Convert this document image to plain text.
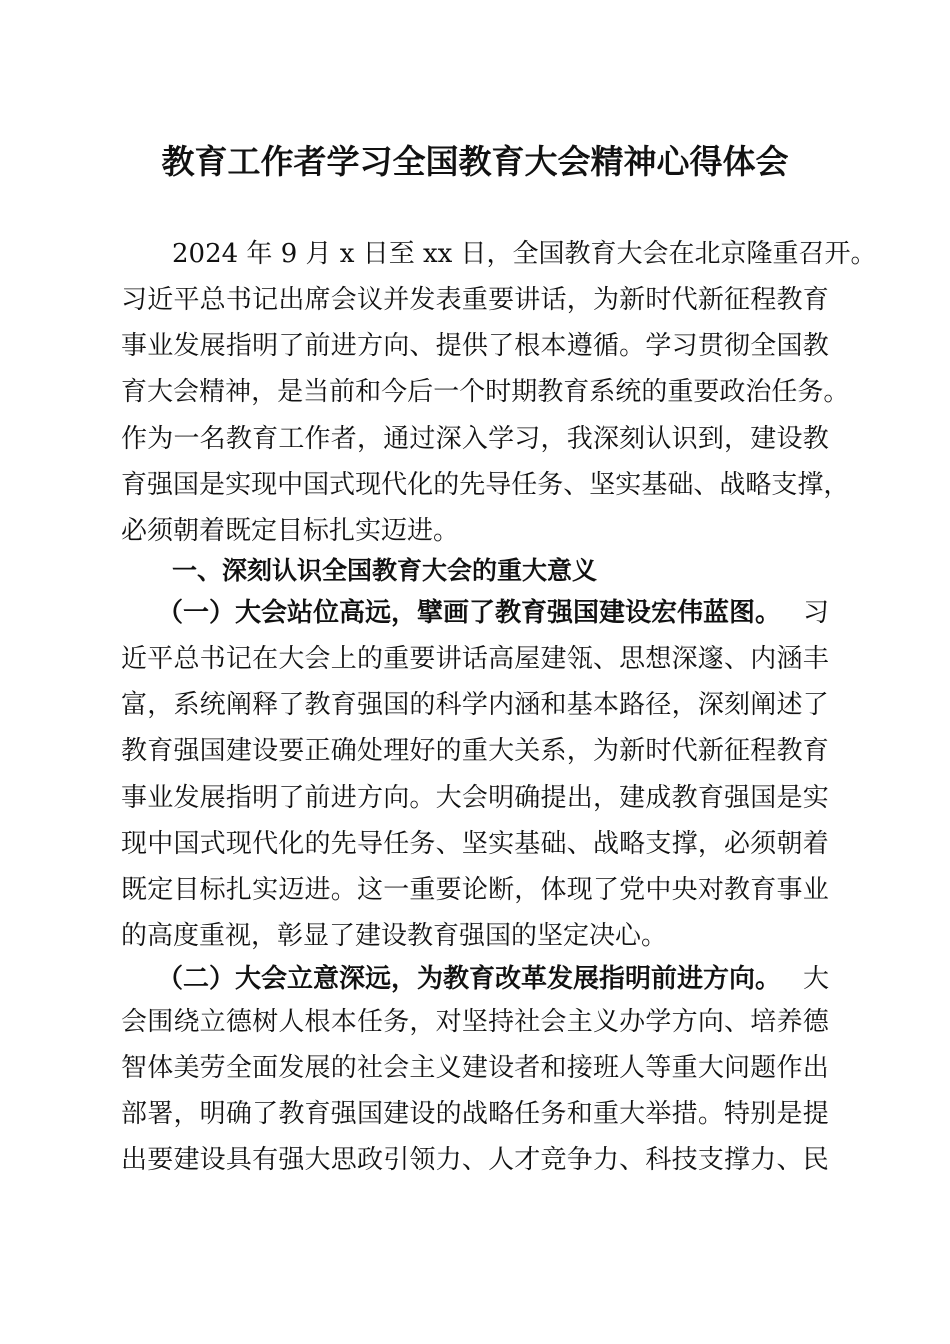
教育工作者学习全国教育大会精神心得体会
2024 年 9 月 x 日至 xx 日，全国教育大会在北京隆重召开。
习 近 平 总 书 记 出 席 会 议 并 发 表 重 要 讲 话 ， 为 新 时 代 新 征 程 教 育
事 业 发 展 指 明 了 前 进 方 向 、 提 供 了 根 本 遵 循 。 学 习 贯 彻 全 国 教
育 大 会 精 神 ， 是 当 前 和 今 后 一 个 时 期 教 育 系 统 的 重 要 政 治 任 务 。
作 为 一 名 教 育 工 作 者 ， 通 过 深 入 学 习 ， 我 深 刻 认 识 到 ， 建 设 教
育 强 国 是 实 现 中 国 式 现 代 化 的 先 导 任 务 、 坚 实 基 础 、 战 略 支 撑 ，
必须朝着既定目标扎实迈进。
一、深刻认识全国教育大会的重大意义
（一）大会站位高远，擘画了教育强国建设宏伟蓝图。 习
近 平 总 书 记 在 大 会 上 的 重 要 讲 话 高 屋 建 瓴 、 思 想 深 邃 、 内 涵 丰
富 ， 系 统 阐 释 了 教 育 强 国 的 科 学 内 涵 和 基 本 路 径 ， 深 刻 阐 述 了
教 育 强 国 建 设 要 正 确 处 理 好 的 重 大 关 系 ， 为 新 时 代 新 征 程 教 育
事 业 发 展 指 明 了 前 进 方 向 。 大 会 明 确 提 出 ， 建 成 教 育 强 国 是 实
现 中 国 式 现 代 化 的 先 导 任 务 、 坚 实 基 础 、 战 略 支 撑 ， 必 须 朝 着
既 定 目 标 扎 实 迈 进 。 这 一 重 要 论 断 ， 体 现 了 党 中 央 对 教 育 事 业
的高度重视，彰显了建设教育强国的坚定决心。
（二）大会立意深远，为教育改革发展指明前进方向。 大
会 围 绕 立 德 树 人 根 本 任 务 ， 对 坚 持 社 会 主 义 办 学 方 向 、 培 养 德
智 体 美 劳 全 面 发 展 的 社 会 主 义 建 设 者 和 接 班 人 等 重 大 问 题 作 出
部 署 ， 明 确 了 教 育 强 国 建 设 的 战 略 任 务 和 重 大 举 措 。 特 别 是 提
出 要 建 设 具 有 强 大 思 政 引 领 力 、 人 才 竞 争 力 、 科 技 支 撑 力 、 民
